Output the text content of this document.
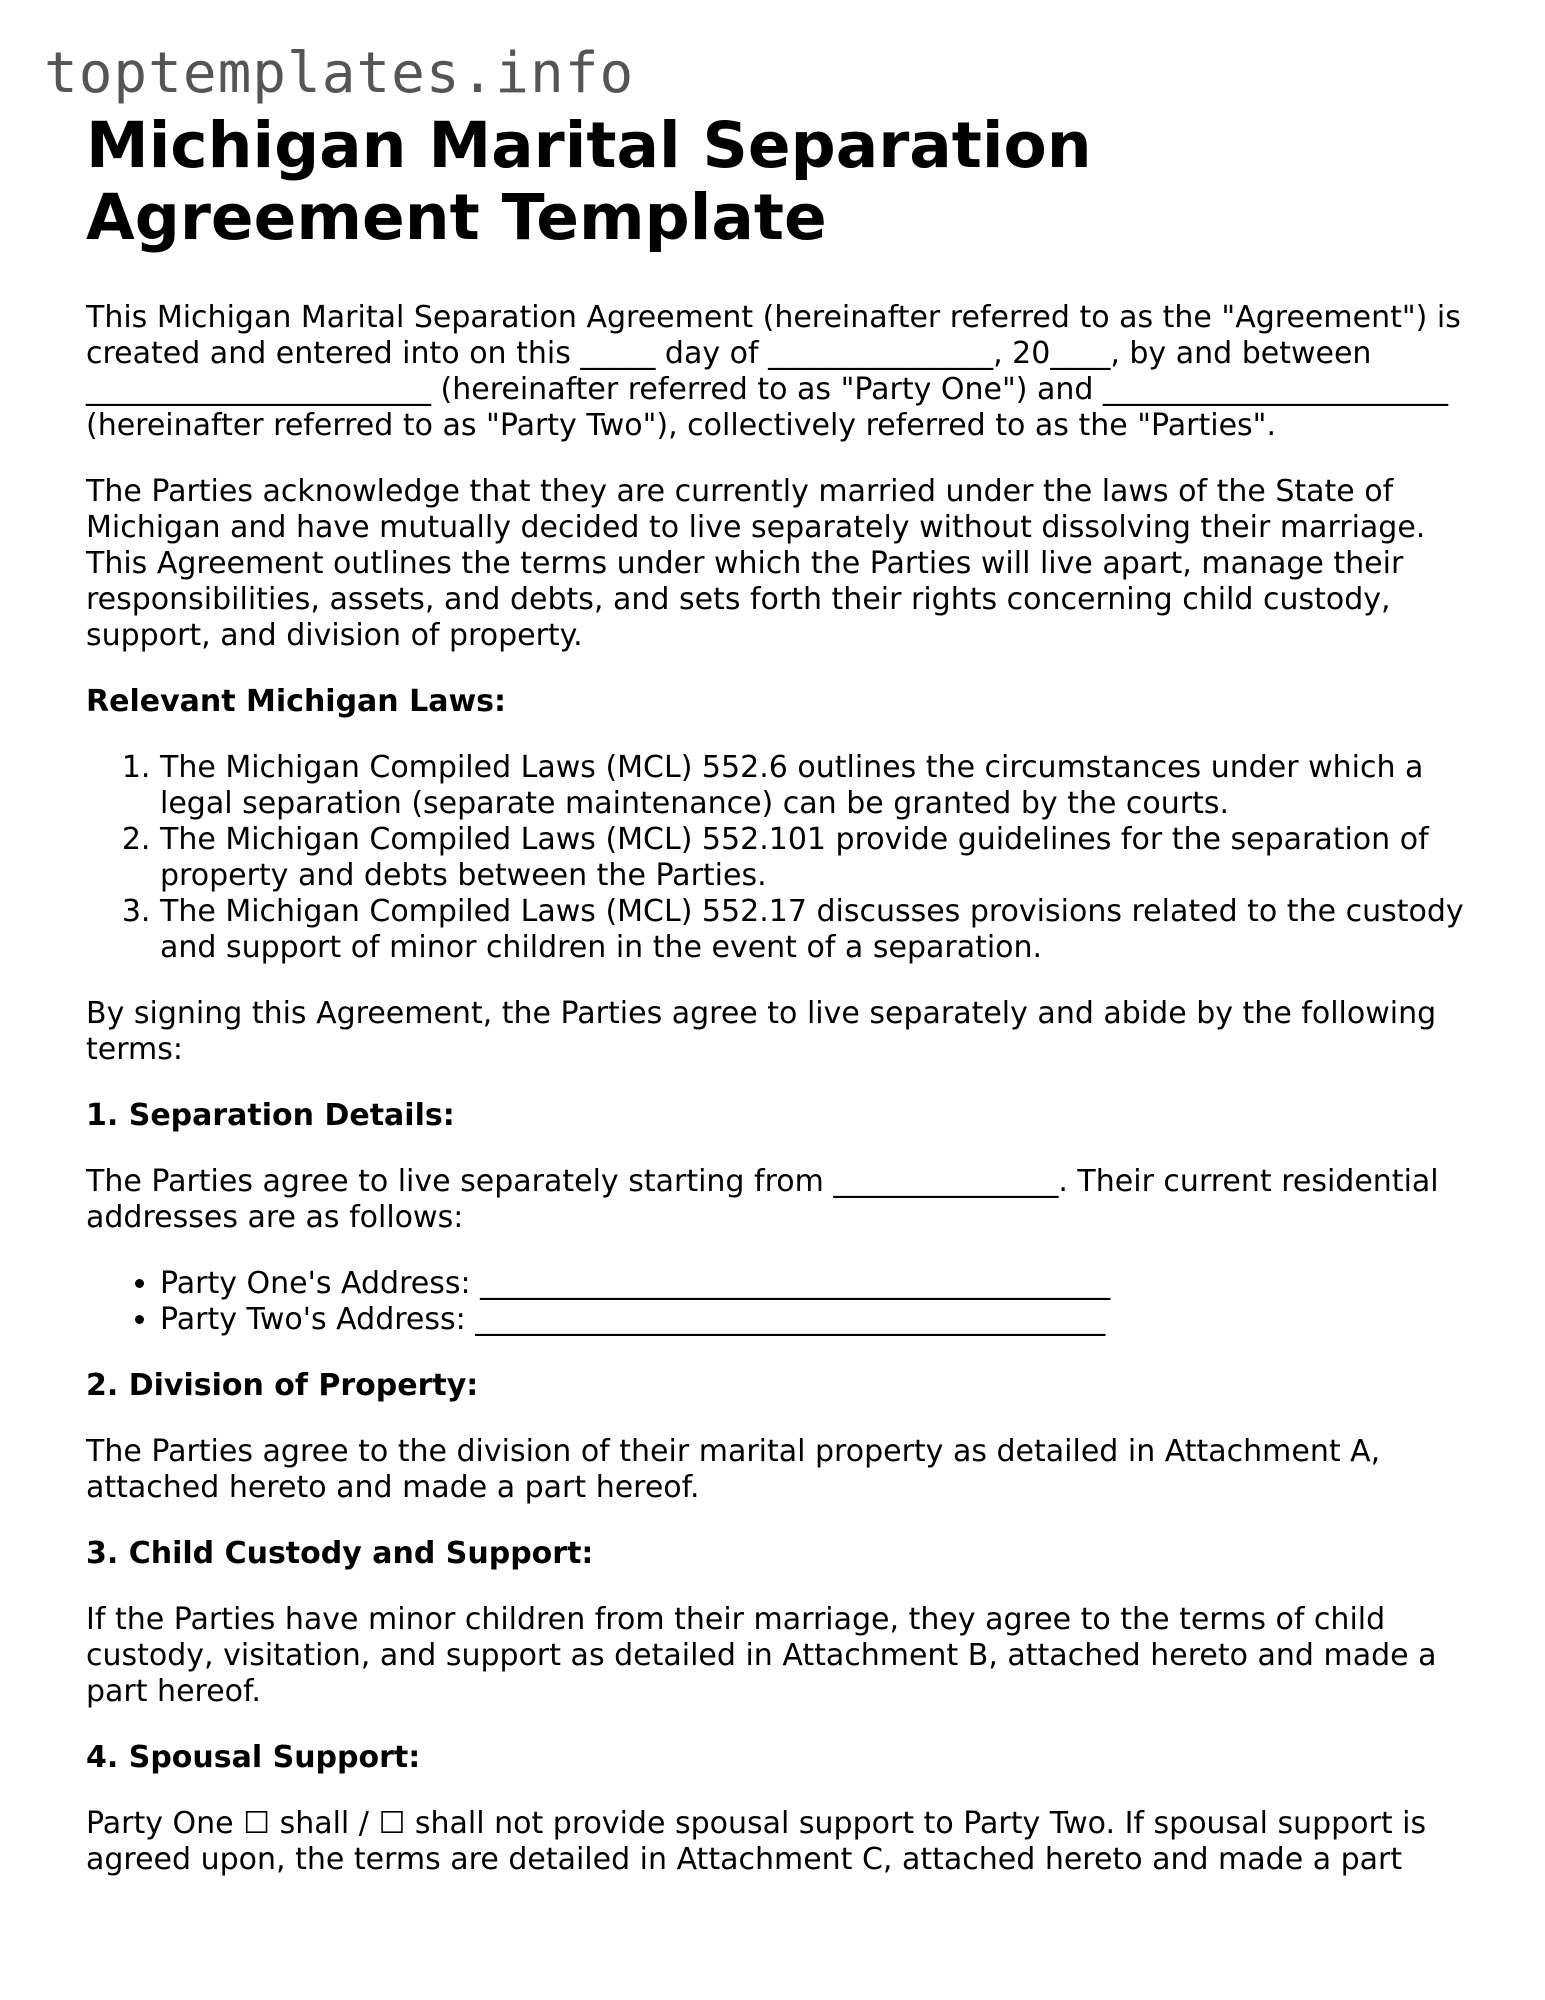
toptemplates.info
Michigan Marital Separation Agreement Template

This Michigan Marital Separation Agreement (hereinafter referred to as the "Agreement") is created and entered into on this _____ day of _______________, 20____, by and between _______________________ (hereinafter referred to as "Party One") and _______________________ (hereinafter referred to as "Party Two"), collectively referred to as the "Parties".

The Parties acknowledge that they are currently married under the laws of the State of Michigan and have mutually decided to live separately without dissolving their marriage. This Agreement outlines the terms under which the Parties will live apart, manage their responsibilities, assets, and debts, and sets forth their rights concerning child custody, support, and division of property.

Relevant Michigan Laws:
1. The Michigan Compiled Laws (MCL) 552.6 outlines the circumstances under which a legal separation (separate maintenance) can be granted by the courts.
2. The Michigan Compiled Laws (MCL) 552.101 provide guidelines for the separation of property and debts between the Parties.
3. The Michigan Compiled Laws (MCL) 552.17 discusses provisions related to the custody and support of minor children in the event of a separation.

By signing this Agreement, the Parties agree to live separately and abide by the following terms:

1. Separation Details:

The Parties agree to live separately starting from _______________. Their current residential addresses are as follows:

• Party One's Address: __________________________________________
• Party Two's Address: __________________________________________
2. Division of Property:

The Parties agree to the division of their marital property as detailed in Attachment A, attached hereto and made a part hereof.

3. Child Custody and Support:

If the Parties have minor children from their marriage, they agree to the terms of child custody, visitation, and support as detailed in Attachment B, attached hereto and made a part hereof.

4. Spousal Support:

Party One ☐ shall / ☐ shall not provide spousal support to Party Two. If spousal support is agreed upon, the terms are detailed in Attachment C, attached hereto and made a part
